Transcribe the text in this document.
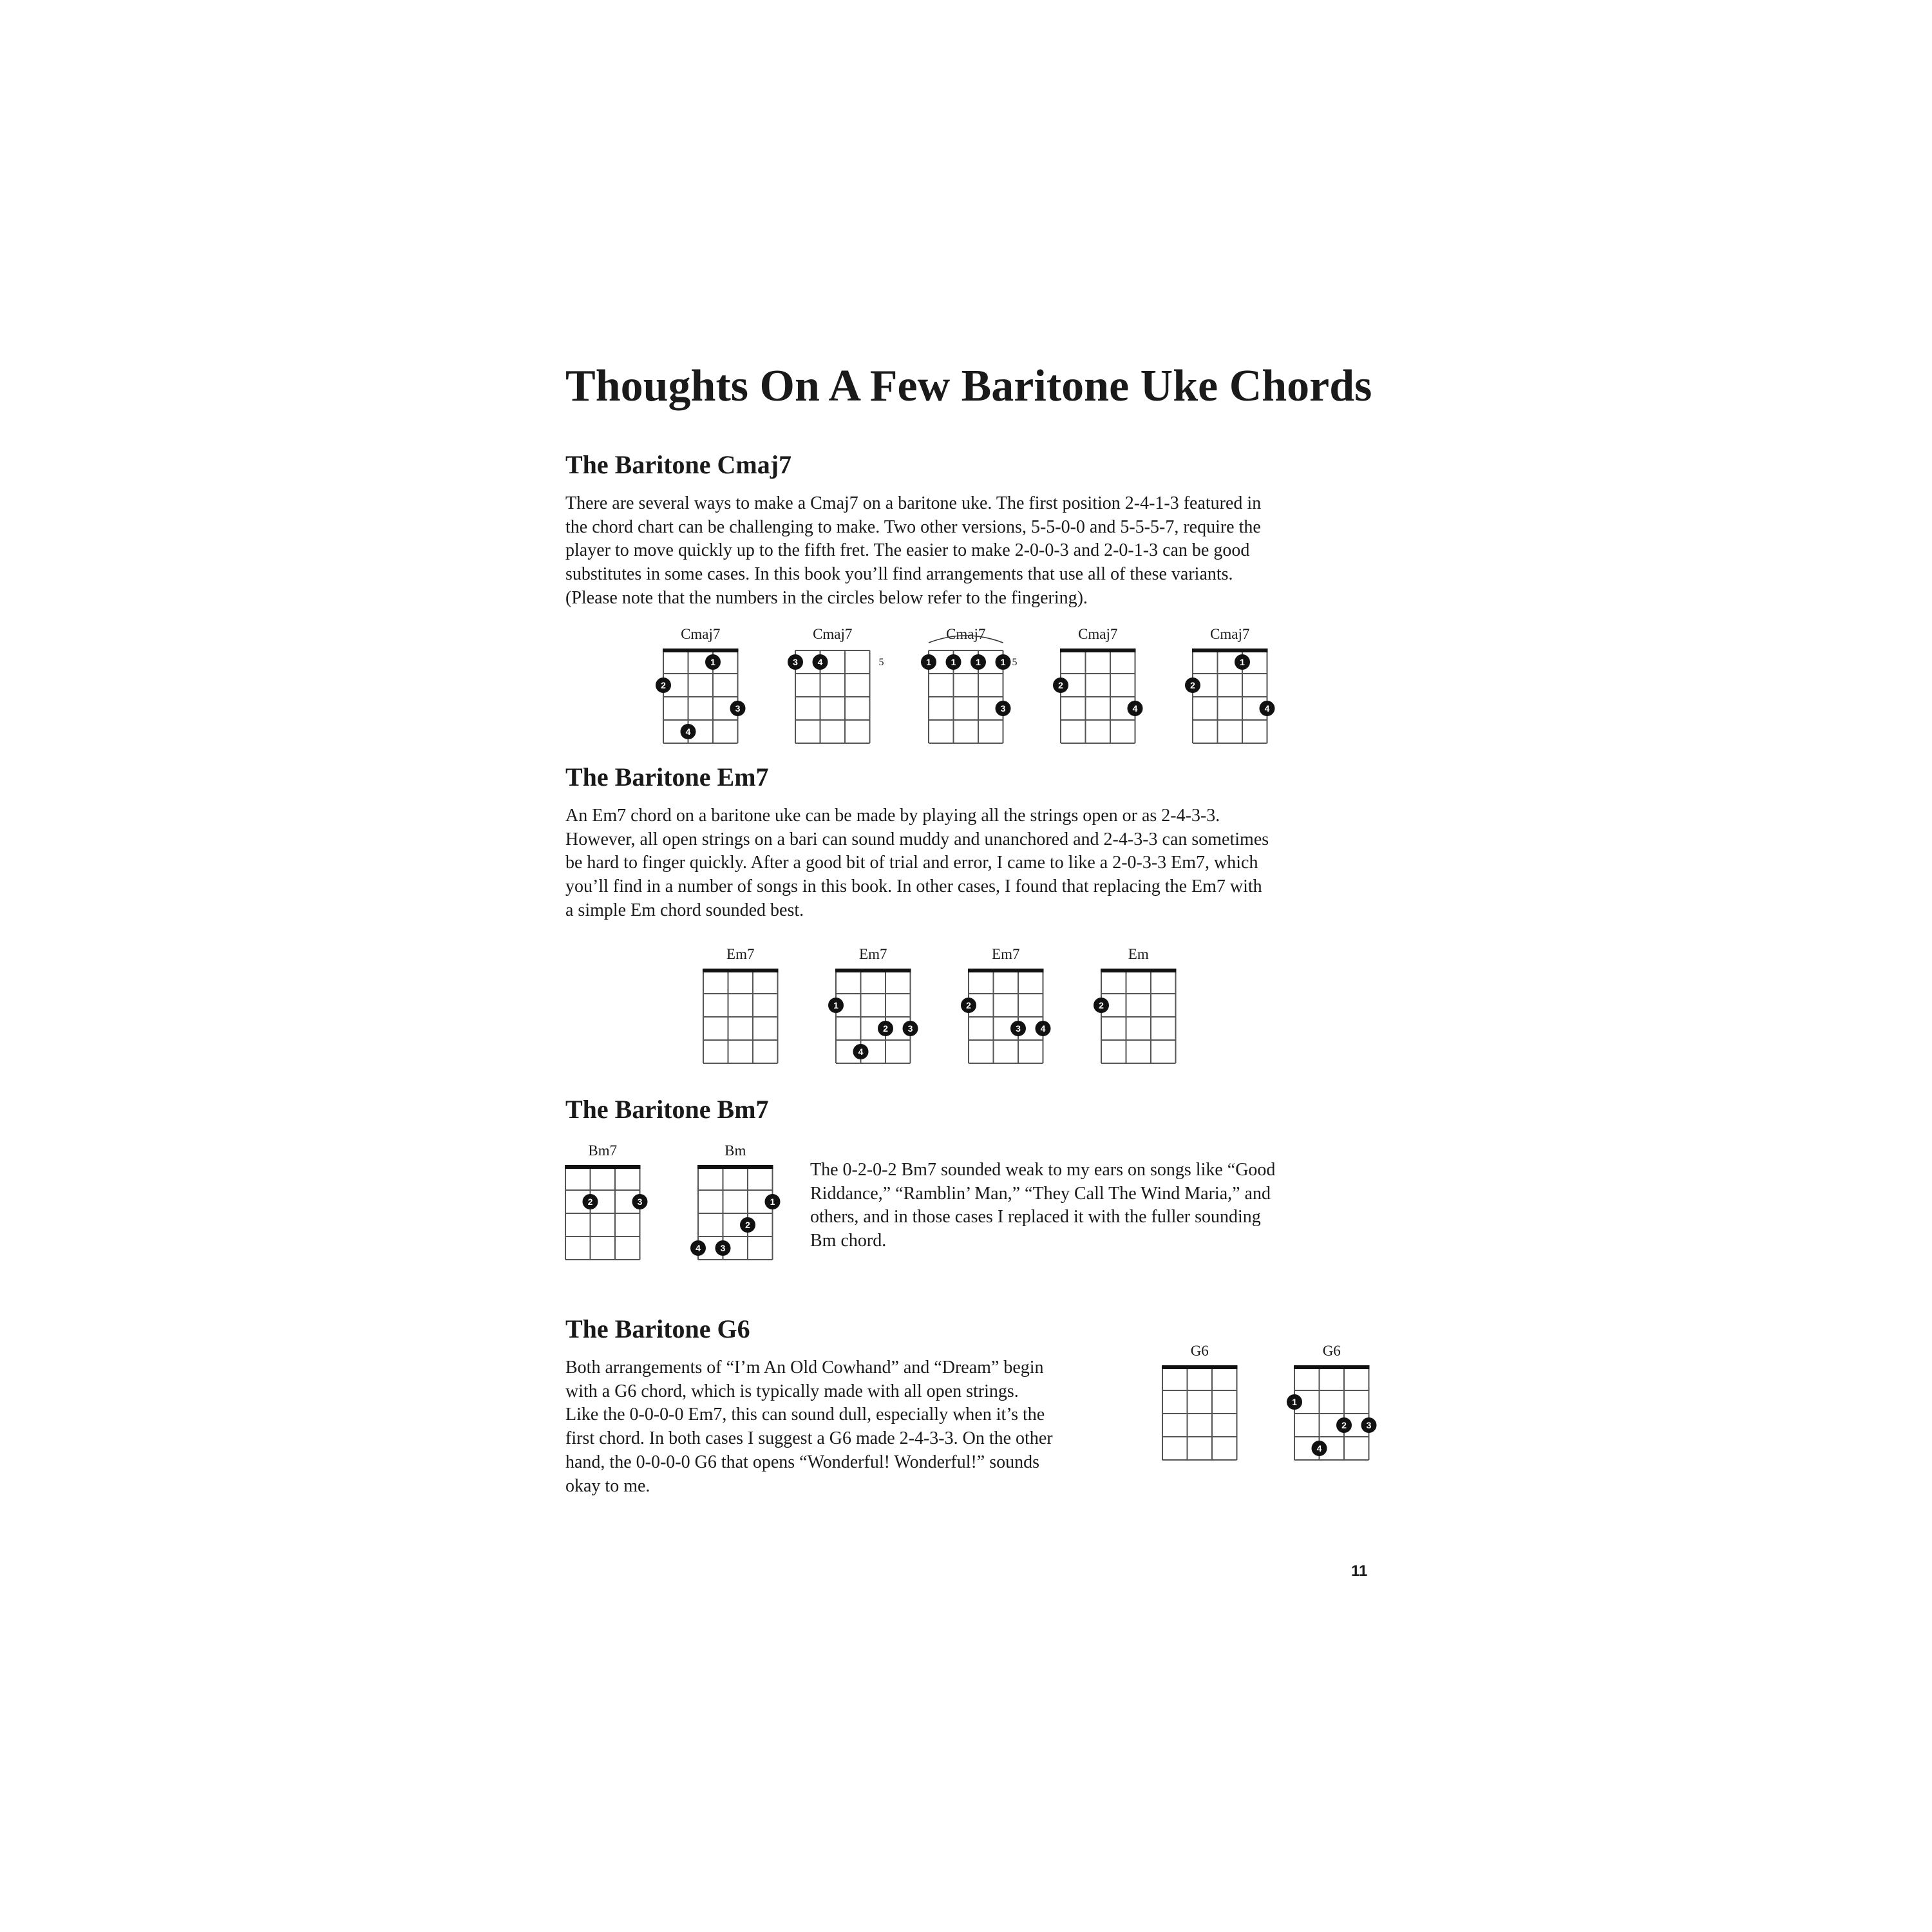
Thoughts On A Few Baritone Uke Chords
The Baritone Cmaj7
There are several ways to make a Cmaj7 on a baritone uke. The first position 2-4-1-3 featured in
the chord chart can be challenging to make. Two other versions, 5-5-0-0 and 5-5-5-7, require the
player to move quickly up to the fifth fret. The easier to make 2-0-0-3 and 2-0-1-3 can be good
substitutes in some cases. In this book you’ll find arrangements that use all of these variants.
(Please note that the numbers in the circles below refer to the fingering).
Cmaj7
1
2
3
4
Cmaj7
5
3 4
Cmaj7
5
1 1 1 1
3
Cmaj7
2
4
Cmaj7
1
2
4
The Baritone Em7
An Em7 chord on a baritone uke can be made by playing all the strings open or as 2-4-3-3.
However, all open strings on a bari can sound muddy and unanchored and 2-4-3-3 can sometimes
be hard to finger quickly. After a good bit of trial and error, I came to like a 2-0-3-3 Em7, which
you’ll find in a number of songs in this book. In other cases, I found that replacing the Em7 with
a simple Em chord sounded best.
Em7	Em7
1
2 3
4
Em7
2
3 4
Em
2
The Baritone Bm7
Bm7
2	3
Bm
1
2
4 3
The 0-2-0-2 Bm7 sounded weak to my ears on songs like “Good
Riddance,” “Ramblin’ Man,” “They Call The Wind Maria,” and
others, and in those cases I replaced it with the fuller sounding
Bm chord.
The Baritone G6
Both arrangements of “I’m An Old Cowhand” and “Dream” begin
with a G6 chord, which is typically made with all open strings.
Like the 0-0-0-0 Em7, this can sound dull, especially when it’s the
first chord. In both cases I suggest a G6 made 2-4-3-3. On the other
hand, the 0-0-0-0 G6 that opens “Wonderful! Wonderful!” sounds
okay to me.
G6	G6
1
2 3
4
11
